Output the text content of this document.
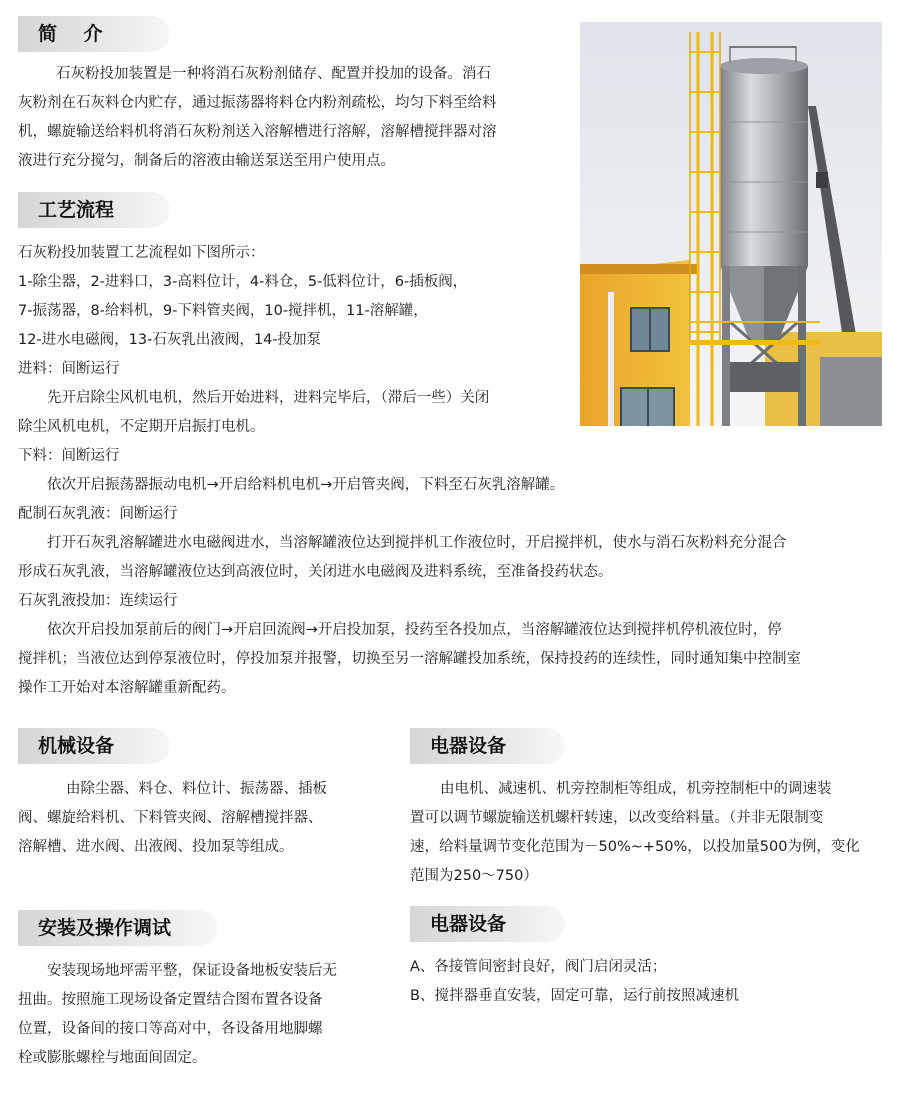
简    介
石灰粉投加装置是一种将消石灰粉剂储存、配置并投加的设备。消石
灰粉剂在石灰料仓内贮存，通过振荡器将料仓内粉剂疏松，均匀下料至给料
机，螺旋输送给料机将消石灰粉剂送入溶解槽进行溶解，溶解槽搅拌器对溶
液进行充分搅匀，制备后的溶液由输送泵送至用户使用点。
工艺流程
石灰粉投加装置工艺流程如下图所示：
1-除尘器，2-进料口，3-高料位计，4-料仓，5-低料位计，6-插板阀，
7-振荡器，8-给料机，9-下料管夹阀，10-搅拌机，11-溶解罐，
12-进水电磁阀，13-石灰乳出液阀，14-投加泵
进料：间断运行
先开启除尘风机电机，然后开始进料，进料完毕后，（滞后一些）关闭
除尘风机电机，不定期开启振打电机。
下料：间断运行
依次开启振荡器振动电机→开启给料机电机→开启管夹阀，下料至石灰乳溶解罐。
配制石灰乳液：间断运行
打开石灰乳溶解罐进水电磁阀进水，当溶解罐液位达到搅拌机工作液位时，开启搅拌机，使水与消石灰粉料充分混合
形成石灰乳液，当溶解罐液位达到高液位时，关闭进水电磁阀及进料系统，至准备投药状态。
石灰乳液投加：连续运行
依次开启投加泵前后的阀门→开启回流阀→开启投加泵，投药至各投加点，当溶解罐液位达到搅拌机停机液位时，停
搅拌机；当液位达到停泵液位时，停投加泵并报警，切换至另一溶解罐投加系统，保持投药的连续性，同时通知集中控制室
操作工开始对本溶解罐重新配药。
机械设备
由除尘器、料仓、料位计、振荡器、插板
阀、螺旋给料机、下料管夹阀、溶解槽搅拌器、
溶解槽、进水阀、出液阀、投加泵等组成。
电器设备
由电机、减速机、机旁控制柜等组成，机旁控制柜中的调速装
置可以调节螺旋输送机螺杆转速，以改变给料量。（并非无限制变
速，给料量调节变化范围为－50%~+50%，以投加量500为例，变化
范围为250～750）
安装及操作调试
安装现场地坪需平整，保证设备地板安装后无
扭曲。按照施工现场设备定置结合图布置各设备
位置，设备间的接口等高对中，各设备用地脚螺
栓或膨胀螺栓与地面间固定。
电器设备
A、各接管间密封良好，阀门启闭灵活；
B、搅拌器垂直安装，固定可靠，运行前按照减速机
